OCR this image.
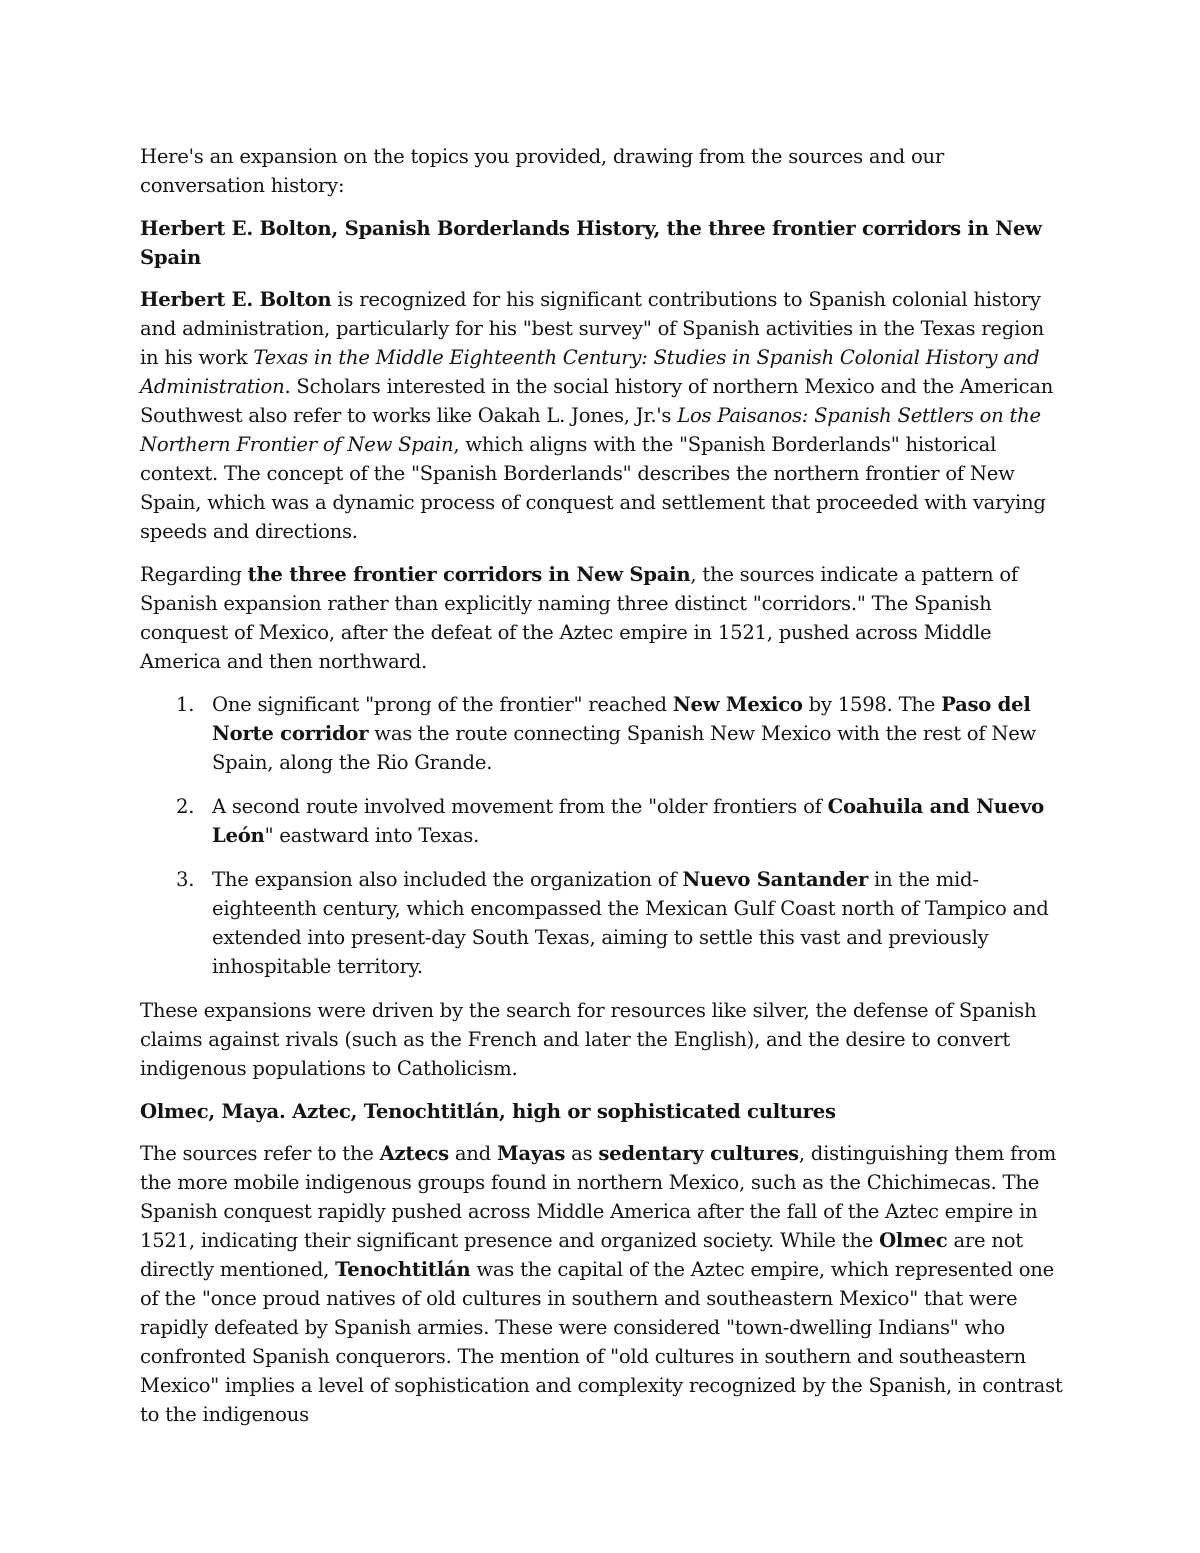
Here's an expansion on the topics you provided, drawing from the sources and our conversation history:

Herbert E. Bolton, Spanish Borderlands History, the three frontier corridors in New Spain

Herbert E. Bolton is recognized for his significant contributions to Spanish colonial history and administration, particularly for his "best survey" of Spanish activities in the Texas region in his work Texas in the Middle Eighteenth Century: Studies in Spanish Colonial History and Administration. Scholars interested in the social history of northern Mexico and the American Southwest also refer to works like Oakah L. Jones, Jr.'s Los Paisanos: Spanish Settlers on the Northern Frontier of New Spain, which aligns with the "Spanish Borderlands" historical context. The concept of the "Spanish Borderlands" describes the northern frontier of New Spain, which was a dynamic process of conquest and settlement that proceeded with varying speeds and directions.

Regarding the three frontier corridors in New Spain, the sources indicate a pattern of Spanish expansion rather than explicitly naming three distinct "corridors." The Spanish conquest of Mexico, after the defeat of the Aztec empire in 1521, pushed across Middle America and then northward.

One significant "prong of the frontier" reached New Mexico by 1598. The Paso del Norte corridor was the route connecting Spanish New Mexico with the rest of New Spain, along the Rio Grande.
A second route involved movement from the "older frontiers of Coahuila and Nuevo León" eastward into Texas.
The expansion also included the organization of Nuevo Santander in the mid-eighteenth century, which encompassed the Mexican Gulf Coast north of Tampico and extended into present-day South Texas, aiming to settle this vast and previously inhospitable territory.

These expansions were driven by the search for resources like silver, the defense of Spanish claims against rivals (such as the French and later the English), and the desire to convert indigenous populations to Catholicism.

Olmec, Maya. Aztec, Tenochtitlán, high or sophisticated cultures

The sources refer to the Aztecs and Mayas as sedentary cultures, distinguishing them from the more mobile indigenous groups found in northern Mexico, such as the Chichimecas. The Spanish conquest rapidly pushed across Middle America after the fall of the Aztec empire in 1521, indicating their significant presence and organized society. While the Olmec are not directly mentioned, Tenochtitlán was the capital of the Aztec empire, which represented one of the "once proud natives of old cultures in southern and southeastern Mexico" that were rapidly defeated by Spanish armies. These were considered "town-dwelling Indians" who confronted Spanish conquerors. The mention of "old cultures in southern and southeastern Mexico" implies a level of sophistication and complexity recognized by the Spanish, in contrast to the indigenous
